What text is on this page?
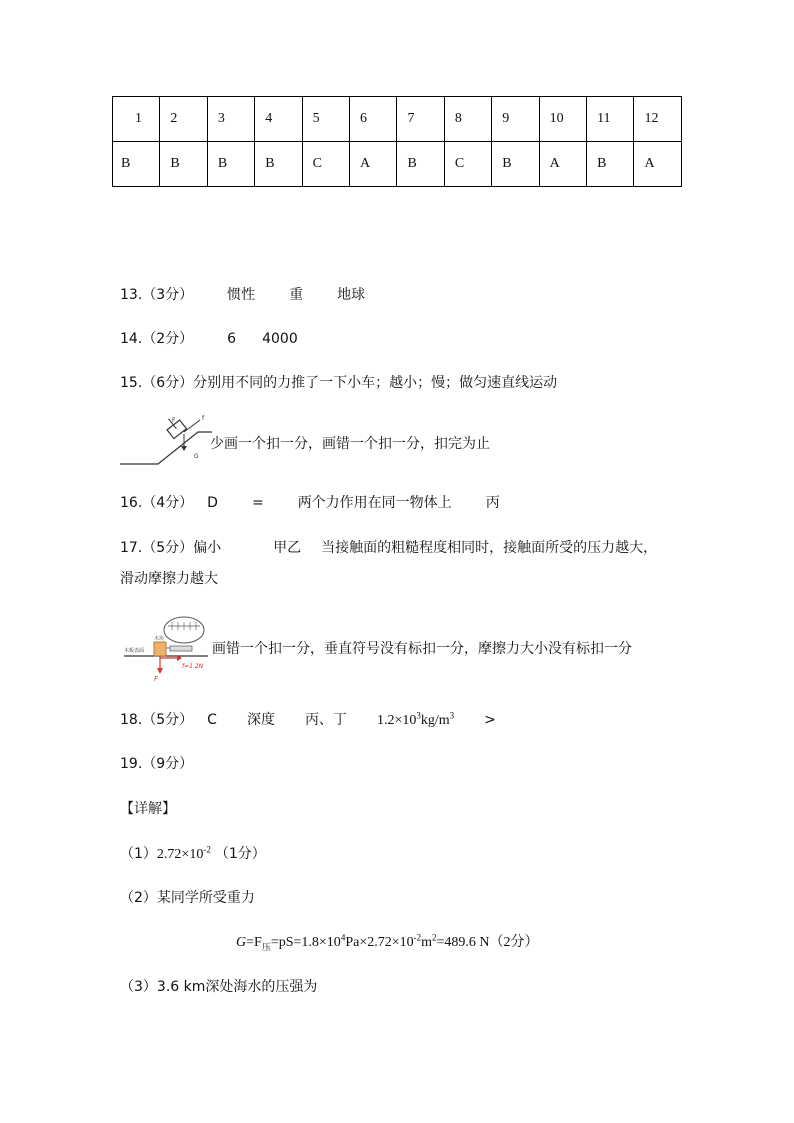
1	2	3	4	5	6	7	8	9	10	11	12
B	B	B	B	C	A	B	C	B	A	B	A
13.（3分） 惯性 重 地球
14.（2分） 6 4000
15.（6分）分别用不同的力推了一下小车；越小；慢；做匀速直线运动
F	f
G
少画一个扣一分，画错一个扣一分，扣完为止
16.（4分） D = 两个力作用在同一物体上 丙
17.（5分）偏小	甲乙 当接触面的粗糙程度相同时，接触面所受的压力越大，
滑动摩擦力越大
木块
木板表面
f=1.2N
F
画错一个扣一分，垂直符号没有标扣一分，摩擦力大小没有标扣一分
18.（5分） C 深度 丙、丁 $1.2\times 10^3kg/m^3$ >
19.（9分）
【详解】
$(1)2.72\times 10^{-2}$ （1分）
（2）某同学所受重力
$G=F_压=pS=1.8\times 10^4Pa\times 2.72\times 10^{-2}m^2=489.6$ N（2分）
（3）3.6 km深处海水的压强为
